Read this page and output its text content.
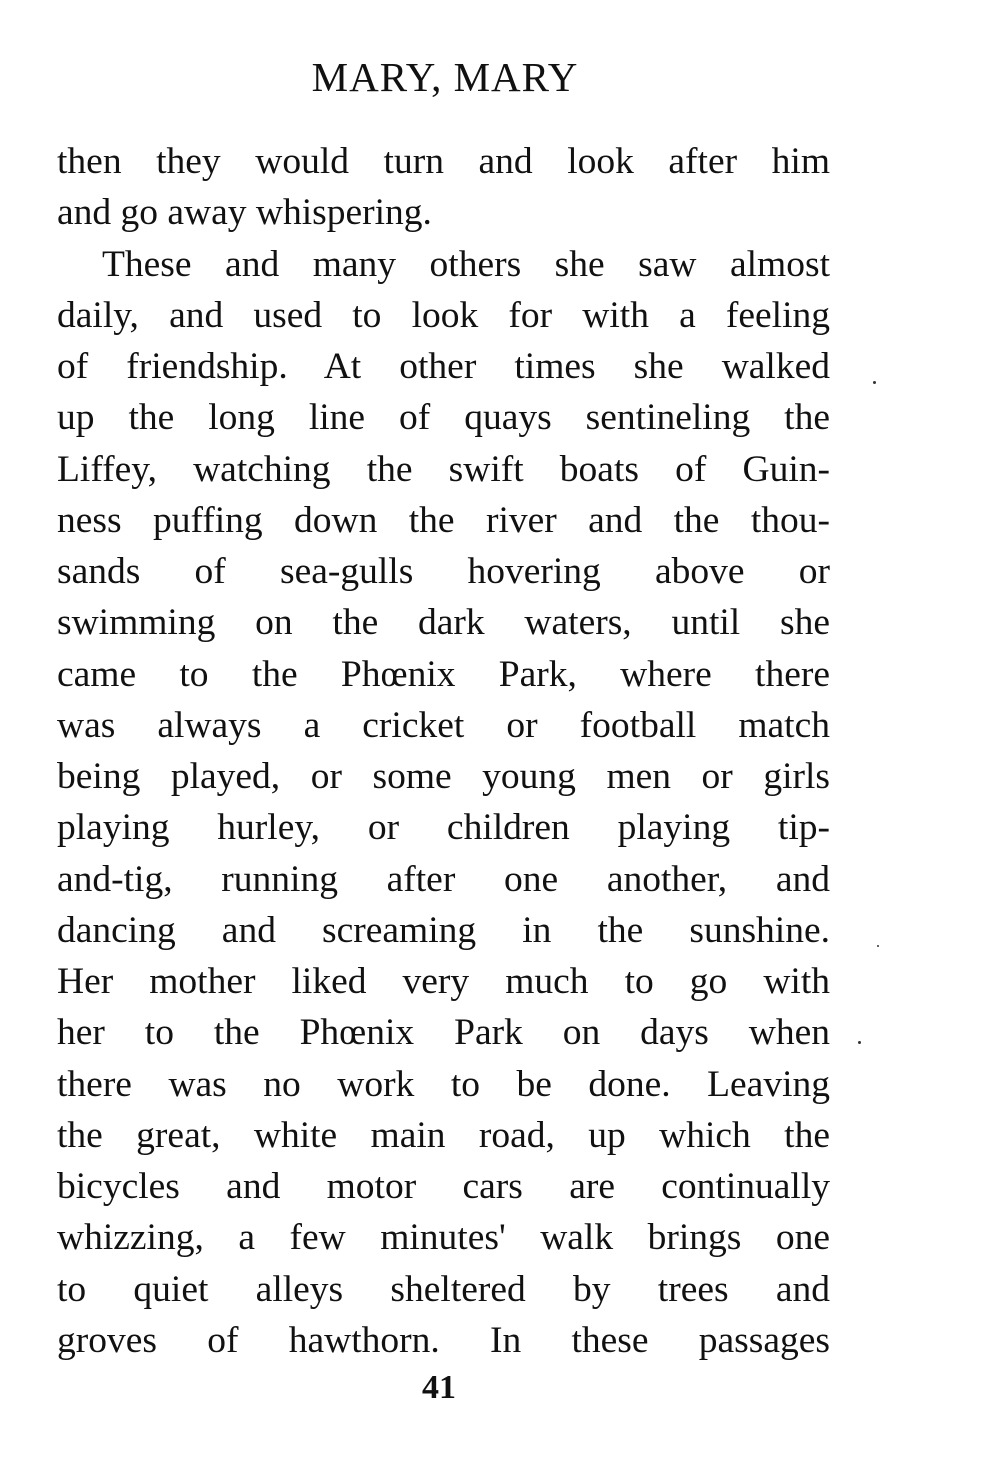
MARY, MARY
then they would turn and look after him
and go away whispering.
These and many others she saw almost
daily, and used to look for with a feeling
of friendship. At other times she walked
up the long line of quays sentineling the
Liffey, watching the swift boats of Guin-
ness puffing down the river and the thou-
sands of sea-gulls hovering above or
swimming on the dark waters, until she
came to the Phœnix Park, where there
was always a cricket or football match
being played, or some young men or girls
playing hurley, or children playing tip-
and-tig, running after one another, and
dancing and screaming in the sunshine.
Her mother liked very much to go with
her to the Phœnix Park on days when
there was no work to be done. Leaving
the great, white main road, up which the
bicycles and motor cars are continually
whizzing, a few minutes' walk brings one
to quiet alleys sheltered by trees and
groves of hawthorn. In these passages
41
